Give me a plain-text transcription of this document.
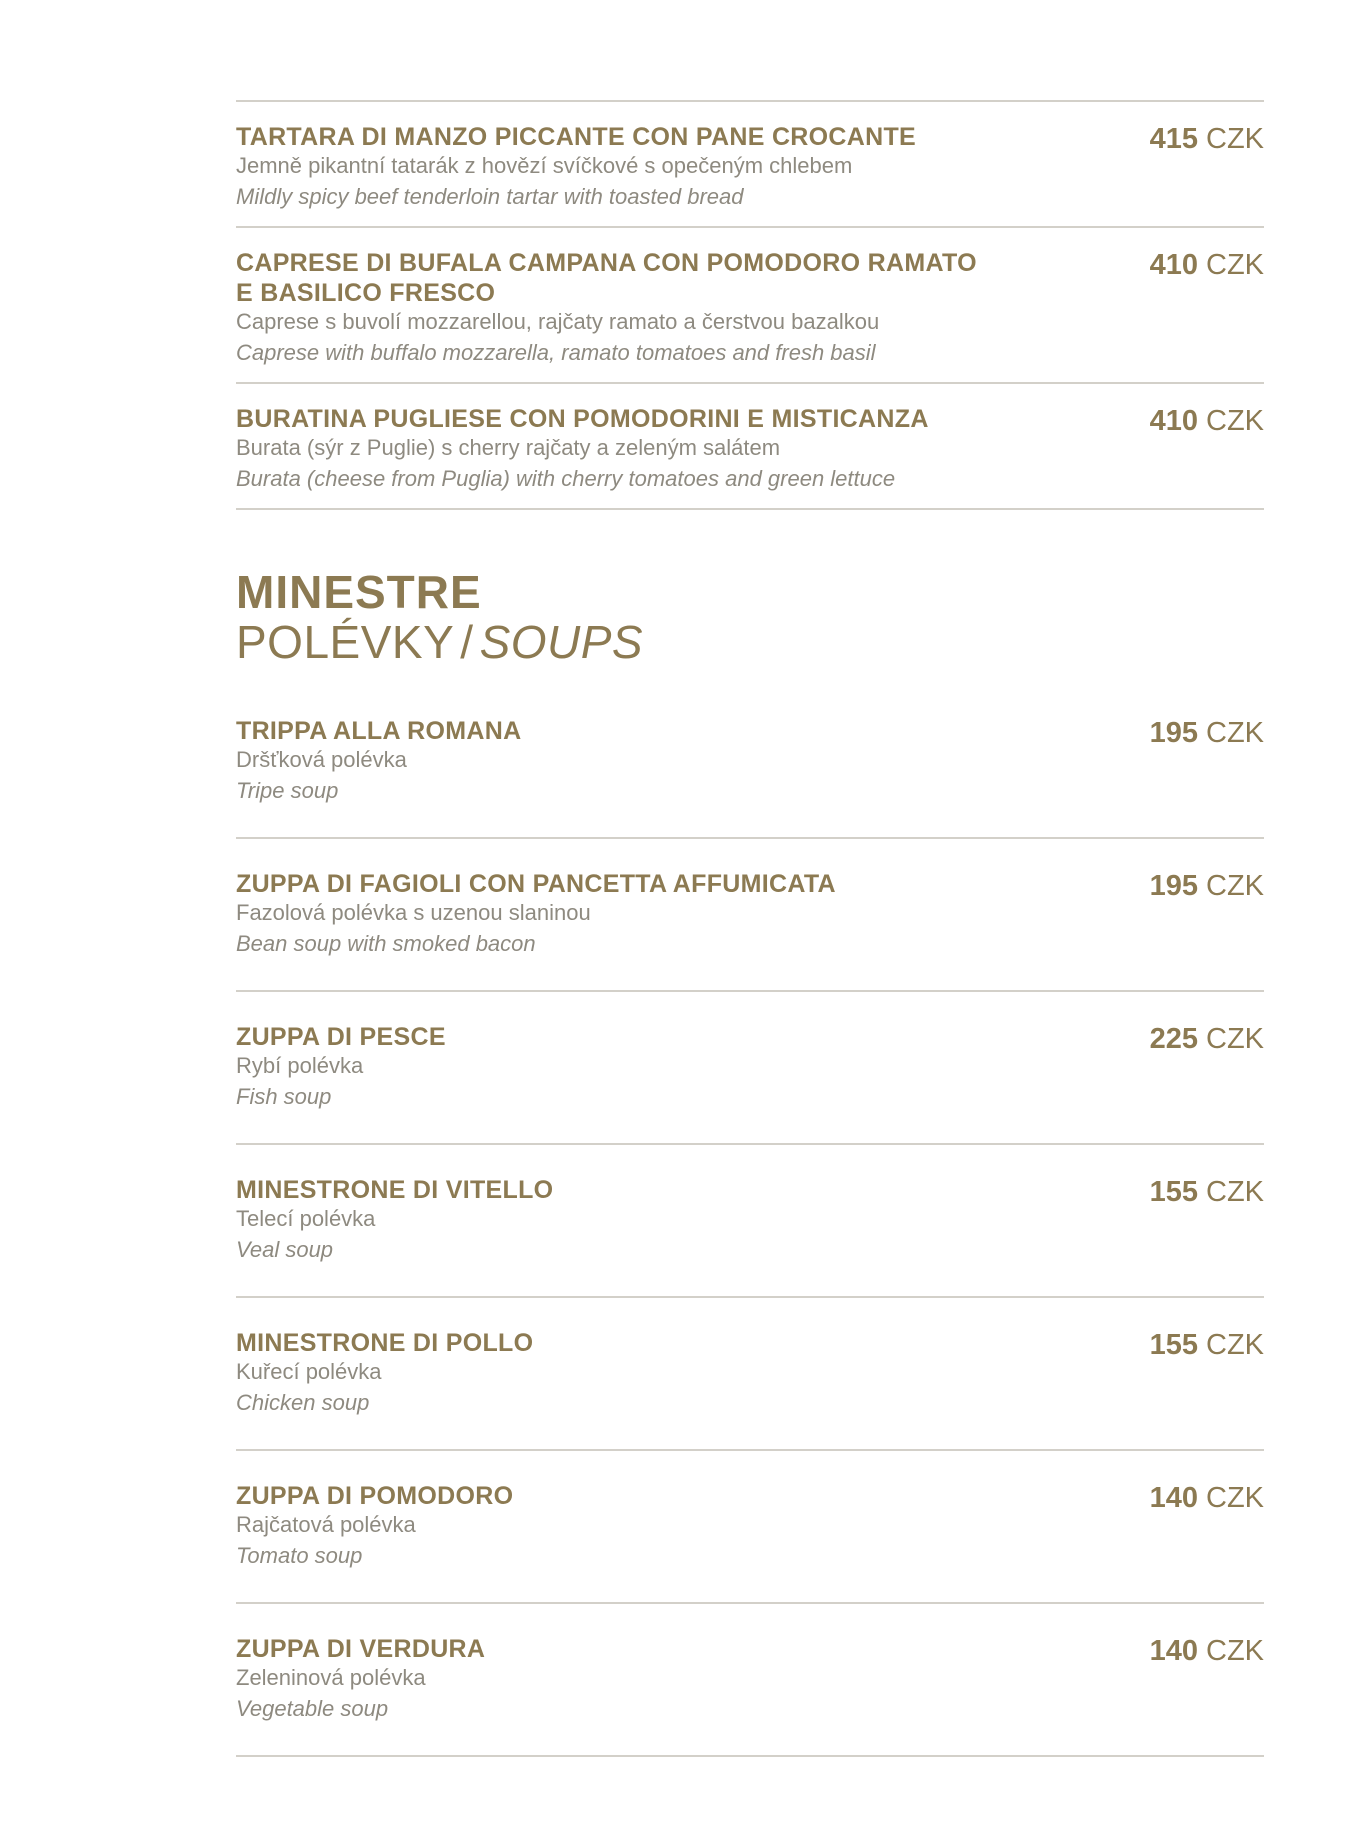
TARTARA DI MANZO PICCANTE CON PANE CROCANTE
Jemně pikantní tatarák z hovězí svíčkové s opečeným chlebem
Mildly spicy beef tenderloin tartar with toasted bread
415 CZK
CAPRESE DI BUFALA CAMPANA CON POMODORO RAMATO
E BASILICO FRESCO
Caprese s buvolí mozzarellou, rajčaty ramato a čerstvou bazalkou
Caprese with buffalo mozzarella, ramato tomatoes and fresh basil
410 CZK
BURATINA PUGLIESE CON POMODORINI E MISTICANZA
Burata (sýr z Puglie) s cherry rajčaty a zeleným salátem
Burata (cheese from Puglia) with cherry tomatoes and green lettuce
410 CZK
MINESTRE
POLÉVKY / SOUPS
TRIPPA ALLA ROMANA
Dršťková polévka
Tripe soup
195 CZK
ZUPPA DI FAGIOLI CON PANCETTA AFFUMICATA
Fazolová polévka s uzenou slaninou
Bean soup with smoked bacon
195 CZK
ZUPPA DI PESCE
Rybí polévka
Fish soup
225 CZK
MINESTRONE DI VITELLO
Telecí polévka
Veal soup
155 CZK
MINESTRONE DI POLLO
Kuřecí polévka
Chicken soup
155 CZK
ZUPPA DI POMODORO
Rajčatová polévka
Tomato soup
140 CZK
ZUPPA DI VERDURA
Zeleninová polévka
Vegetable soup
140 CZK
